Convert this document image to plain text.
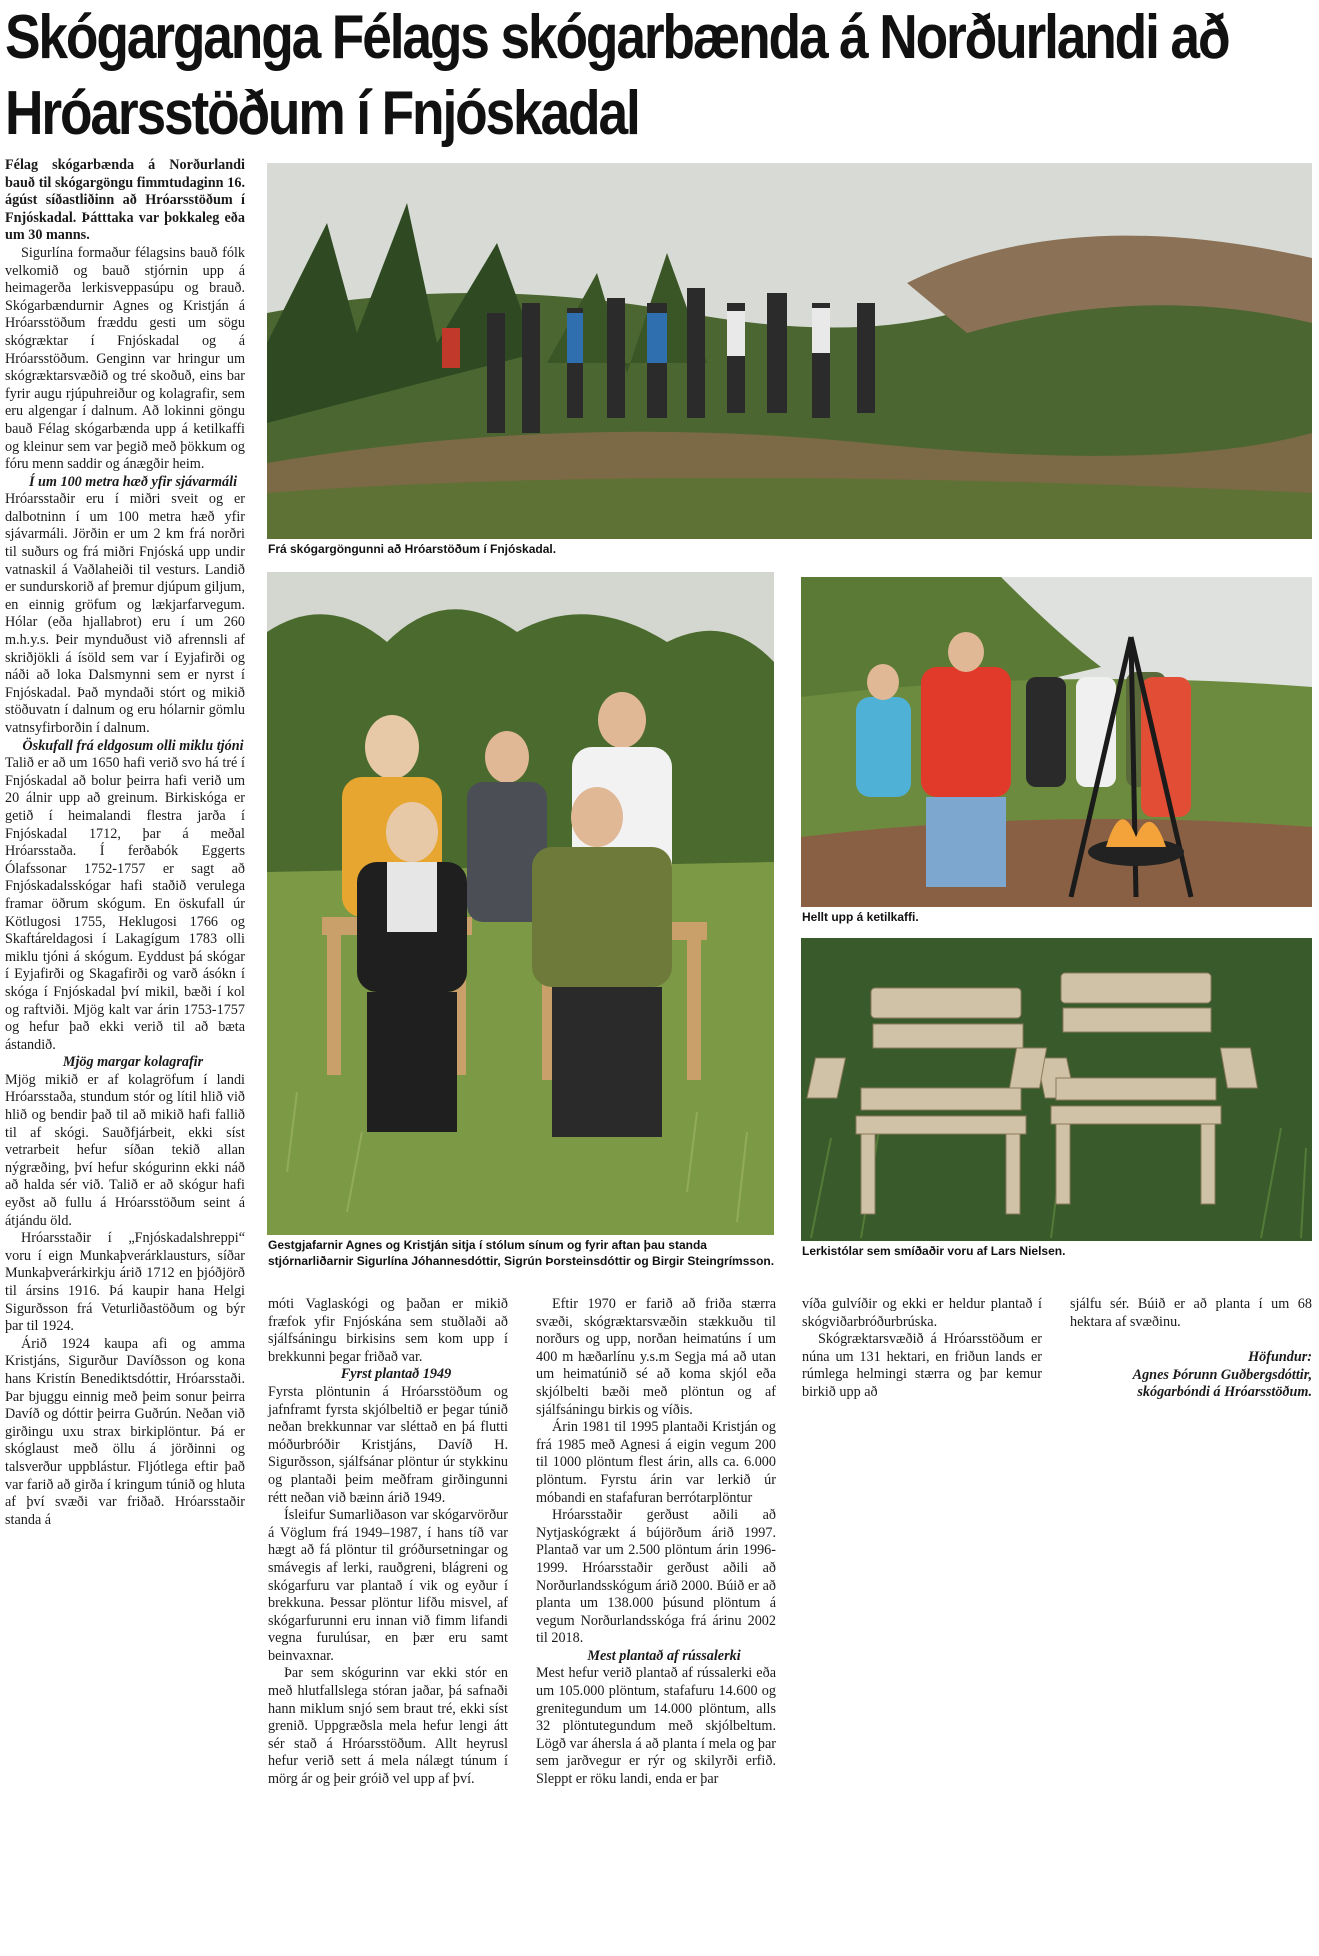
Skógarganga Félags skógarbænda á Norðurlandi að Hróarsstöðum í Fnjóskadal

Félag skógarbænda á Norðurlandi bauð til skógargöngu fimmtudaginn 16. ágúst síðastliðinn að Hróarsstöðum í Fnjóskadal. Þátttaka var þokkaleg eða um 30 manns.

Sigurlína formaður félagsins bauð fólk velkomið og bauð stjórnin upp á heimagerða lerkisveppasúpu og brauð. Skógarbændurnir Agnes og Kristján á Hróarsstöðum fræddu gesti um sögu skógræktar í Fnjóskadal og á Hróarsstöðum. Genginn var hringur um skógræktarsvæðið og tré skoðuð, eins bar fyrir augu rjúpuhreiður og kolagrafir, sem eru algengar í dalnum. Að lokinni göngu bauð Félag skógarbænda upp á ketilkaffi og kleinur sem var þegið með þökkum og fóru menn saddir og ánægðir heim.

Í um 100 metra hæð yfir sjávarmáli

Hróarsstaðir eru í miðri sveit og er dalbotninn í um 100 metra hæð yfir sjávarmáli. Jörðin er um 2 km frá norðri til suðurs og frá miðri Fnjóská upp undir vatnaskil á Vaðlaheiði til vesturs. Landið er sundurskorið af þremur djúpum giljum, en einnig gröfum og lækjarfarvegum. Hólar (eða hjallabrot) eru í um 260 m.h.y.s. Þeir mynduðust við afrennsli af skriðjökli á ísöld sem var í Eyjafirði og náði að loka Dalsmynni sem er nyrst í Fnjóskadal. Það myndaði stórt og mikið stöðuvatn í dalnum og eru hólarnir gömlu vatnsyfirborðin í dalnum.

Öskufall frá eldgosum olli miklu tjóni

Talið er að um 1650 hafi verið svo há tré í Fnjóskadal að bolur þeirra hafi verið um 20 álnir upp að greinum. Birkiskóga er getið í heimalandi flestra jarða í Fnjóskadal 1712, þar á meðal Hróarsstaða. Í ferðabók Eggerts Ólafssonar 1752-1757 er sagt að Fnjóskadalsskógar hafi staðið verulega framar öðrum skógum. En öskufall úr Kötlugosi 1755, Heklugosi 1766 og Skaftáreldagosi í Lakagígum 1783 olli miklu tjóni á skógum. Eyddust þá skógar í Eyjafirði og Skagafirði og varð ásókn í skóga í Fnjóskadal því mikil, bæði í kol og raftviði. Mjög kalt var árin 1753-1757 og hefur það ekki verið til að bæta ástandið.

Mjög margar kolagrafir

Mjög mikið er af kolagröfum í landi Hróarsstaða, stundum stór og lítil hlið við hlið og bendir það til að mikið hafi fallið til af skógi. Sauðfjárbeit, ekki síst vetrarbeit hefur síðan tekið allan nýgræðing, því hefur skógurinn ekki náð að halda sér við. Talið er að skógur hafi eyðst að fullu á Hróarsstöðum seint á átjándu öld.

Hróarsstaðir í „Fnjóskadalshreppi“ voru í eign Munkaþverárklausturs, síðar Munkaþverárkirkju árið 1712 en þjóðjörð til ársins 1916. Þá kaupir hana Helgi Sigurðsson frá Veturliðastöðum og býr þar til 1924.

Árið 1924 kaupa afi og amma Kristjáns, Sigurður Davíðsson og kona hans Kristín Benediktsdóttir, Hróarsstaði. Þar bjuggu einnig með þeim sonur þeirra Davíð og dóttir þeirra Guðrún. Neðan við girðingu uxu strax birkiplöntur. Þá er skóglaust með öllu á jörðinni og talsverður uppblástur. Fljótlega eftir það var farið að girða í kringum túnið og hluta af því svæði var friðað. Hróarsstaðir standa á

Frá skógargöngunni að Hróarstöðum í Fnjóskadal.
Gestgjafarnir Agnes og Kristján sitja í stólum sínum og fyrir aftan þau standa stjórnarliðarnir Sigurlína Jóhannesdóttir, Sigrún Þorsteinsdóttir og Birgir Steingrímsson.
Hellt upp á ketilkaffi.
Lerkistólar sem smíðaðir voru af Lars Nielsen.

móti Vaglaskógi og þaðan er mikið fræfok yfir Fnjóskána sem stuðlaði að sjálfsáningu birkisins sem kom upp í brekkunni þegar friðað var.

Fyrst plantað 1949

Fyrsta plöntunin á Hróarsstöðum og jafnframt fyrsta skjólbeltið er þegar túnið neðan brekkunnar var sléttað en þá flutti móðurbróðir Kristjáns, Davíð H. Sigurðsson, sjálfsánar plöntur úr stykkinu og plantaði þeim meðfram girðingunni rétt neðan við bæinn árið 1949.

Ísleifur Sumarliðason var skógarvörður á Vöglum frá 1949–1987, í hans tíð var hægt að fá plöntur til gróðursetningar og smávegis af lerki, rauðgreni, blágreni og skógarfuru var plantað í vik og eyður í brekkuna. Þessar plöntur lifðu misvel, af skógarfurunni eru innan við fimm lifandi vegna furulúsar, en þær eru samt beinvaxnar.

Þar sem skógurinn var ekki stór en með hlutfallslega stóran jaðar, þá safnaði hann miklum snjó sem braut tré, ekki síst grenið. Uppgræðsla mela hefur lengi átt sér stað á Hróarsstöðum. Allt heyrusl hefur verið sett á mela nálægt túnum í mörg ár og þeir gróið vel upp af því.

Eftir 1970 er farið að friða stærra svæði, skógræktarsvæðin stækkuðu til norðurs og upp, norðan heimatúns í um 400 m hæðarlínu y.s.m Segja má að utan um heimatúnið sé að koma skjól eða skjólbelti bæði með plöntun og af sjálfsáningu birkis og víðis.

Árin 1981 til 1995 plantaði Kristján og frá 1985 með Agnesi á eigin vegum 200 til 1000 plöntum flest árin, alls ca. 6.000 plöntum. Fyrstu árin var lerkið úr móbandi en stafafuran berrótarplöntur

Hróarsstaðir gerðust aðili að Nytjaskógrækt á bújörðum árið 1997. Plantað var um 2.500 plöntum árin 1996-1999. Hróarsstaðir gerðust aðili að Norðurlandsskógum árið 2000. Búið er að planta um 138.000 þúsund plöntum á vegum Norðurlandsskóga frá árinu 2002 til 2018.

Mest plantað af rússalerki

Mest hefur verið plantað af rússalerki eða um 105.000 plöntum, stafafuru 14.600 og grenitegundum um 14.000 plöntum, alls 32 plöntutegundum með skjólbeltum. Lögð var áhersla á að planta í mela og þar sem jarðvegur er rýr og skilyrði erfið. Sleppt er röku landi, enda er þar

víða gulvíðir og ekki er heldur plantað í skógviðarbróðurbrúska.

Skógræktarsvæðið á Hróarsstöðum er núna um 131 hektari, en friðun lands er rúmlega helmingi stærra og þar kemur birkið upp að

sjálfu sér. Búið er að planta í um 68 hektara af svæðinu.

Höfundur:
Agnes Þórunn Guðbergsdóttir, skógarbóndi á Hróarsstöðum.
